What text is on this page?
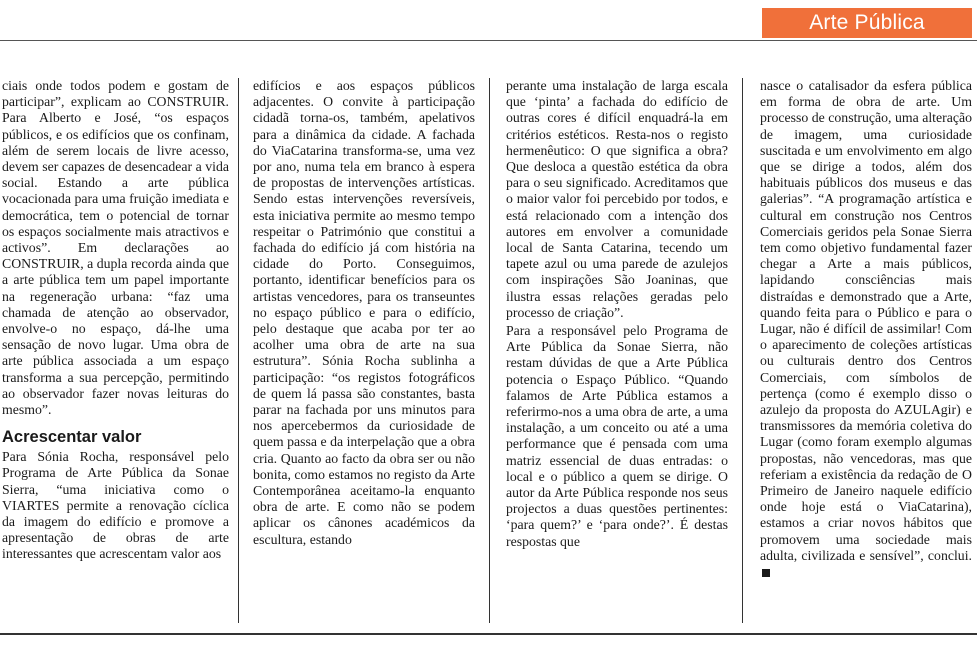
Arte Pública

ciais onde todos podem e gostam de participar”, explicam ao CONSTRUIR. Para Alberto e José, “os espaços públicos, e os edifícios que os confinam, além de serem locais de livre acesso, devem ser capazes de desencadear a vida social. Estando a arte pública vocacionada para uma fruição imediata e democrática, tem o potencial de tornar os espaços socialmente mais atractivos e activos”. Em declarações ao CONSTRUIR, a dupla recorda ainda que a arte pública tem um papel importante na regeneração urbana: “faz uma chamada de atenção ao observador, envolve-o no espaço, dá-lhe uma sensação de novo lugar. Uma obra de arte pública associada a um espaço transforma a sua percepção, permitindo ao observador fazer novas leituras do mesmo”.

Acrescentar valor

Para Sónia Rocha, responsável pelo Programa de Arte Pública da Sonae Sierra, “uma iniciativa como o VIARTES permite a renovação cíclica da imagem do edifício e promove a apresentação de obras de arte interessantes que acrescentam valor aos

edifícios e aos espaços públicos adjacentes. O convite à participação cidadã torna-os, também, apelativos para a dinâmica da cidade. A fachada do ViaCatarina transforma-se, uma vez por ano, numa tela em branco à espera de propostas de intervenções artísticas. Sendo estas intervenções reversíveis, esta iniciativa permite ao mesmo tempo respeitar o Património que constitui a fachada do edifício já com história na cidade do Porto. Conseguimos, portanto, identificar benefícios para os artistas vencedores, para os transeuntes no espaço público e para o edifício, pelo destaque que acaba por ter ao acolher uma obra de arte na sua estrutura”. Sónia Rocha sublinha a participação: “os registos fotográficos de quem lá passa são constantes, basta parar na fachada por uns minutos para nos apercebermos da curiosidade de quem passa e da interpelação que a obra cria. Quanto ao facto da obra ser ou não bonita, como estamos no registo da Arte Contemporânea aceitamo-la enquanto obra de arte. E como não se podem aplicar os cânones académicos da escultura, estando

perante uma instalação de larga escala que ‘pinta’ a fachada do edifício de outras cores é difícil enquadrá-la em critérios estéticos. Resta-nos o registo hermenêutico: O que significa a obra? Que desloca a questão estética da obra para o seu significado. Acreditamos que o maior valor foi percebido por todos, e está relacionado com a intenção dos autores em envolver a comunidade local de Santa Catarina, tecendo um tapete azul ou uma parede de azulejos com inspirações São Joaninas, que ilustra essas relações geradas pelo processo de criação”.

Para a responsável pelo Programa de Arte Pública da Sonae Sierra, não restam dúvidas de que a Arte Pública potencia o Espaço Público. “Quando falamos de Arte Pública estamos a referirmo-nos a uma obra de arte, a uma instalação, a um conceito ou até a uma performance que é pensada com uma matriz essencial de duas entradas: o local e o público a quem se dirige. O autor da Arte Pública responde nos seus projectos a duas questões pertinentes: ‘para quem?’ e ‘para onde?’. É destas respostas que

nasce o catalisador da esfera pública em forma de obra de arte. Um processo de construção, uma alteração de imagem, uma curiosidade suscitada e um envolvimento em algo que se dirige a todos, além dos habituais públicos dos museus e das galerias”. “A programação artística e cultural em construção nos Centros Comerciais geridos pela Sonae Sierra tem como objetivo fundamental fazer chegar a Arte a mais públicos, lapidando consciências mais distraídas e demonstrado que a Arte, quando feita para o Público e para o Lugar, não é difícil de assimilar! Com o aparecimento de coleções artísticas ou culturais dentro dos Centros Comerciais, com símbolos de pertença (como é exemplo disso o azulejo da proposta do AZULAgir) e transmissores da memória coletiva do Lugar (como foram exemplo algumas propostas, não vencedoras, mas que referiam a existência da redação de O Primeiro de Janeiro naquele edifício onde hoje está o ViaCatarina), estamos a criar novos hábitos que promovem uma sociedade mais adulta, civilizada e sensível”, conclui.
